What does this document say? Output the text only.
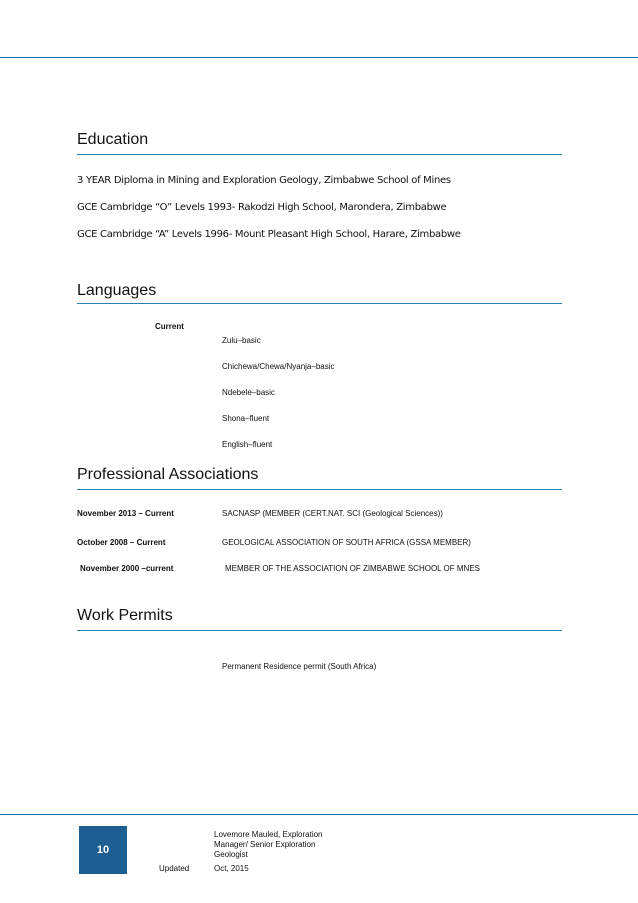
Education
3 YEAR Diploma in Mining and Exploration Geology, Zimbabwe School of Mines
GCE Cambridge “O” Levels 1993- Rakodzi High School, Marondera, Zimbabwe
GCE Cambridge “A” Levels 1996- Mount Pleasant High School, Harare, Zimbabwe
Languages
Current
Zulu–basic
Chichewa/Chewa/Nyanja–basic
Ndebele–basic
Shona–fluent
English–fluent
Professional Associations
November 2013 – Current	SACNASP (MEMBER (CERT.NAT. SCI (Geological Sciences))
October 2008 – Current	GEOLOGICAL ASSOCIATION OF SOUTH AFRICA (GSSA MEMBER)
November 2000 –current	MEMBER OF THE ASSOCIATION OF ZIMBABWE SCHOOL OF MNES
Work Permits
Permanent Residence permit (South Africa)
10
Lovemore Mauled, Exploration
Manager/ Senior Exploration
Geologist
Updated	Oct, 2015
